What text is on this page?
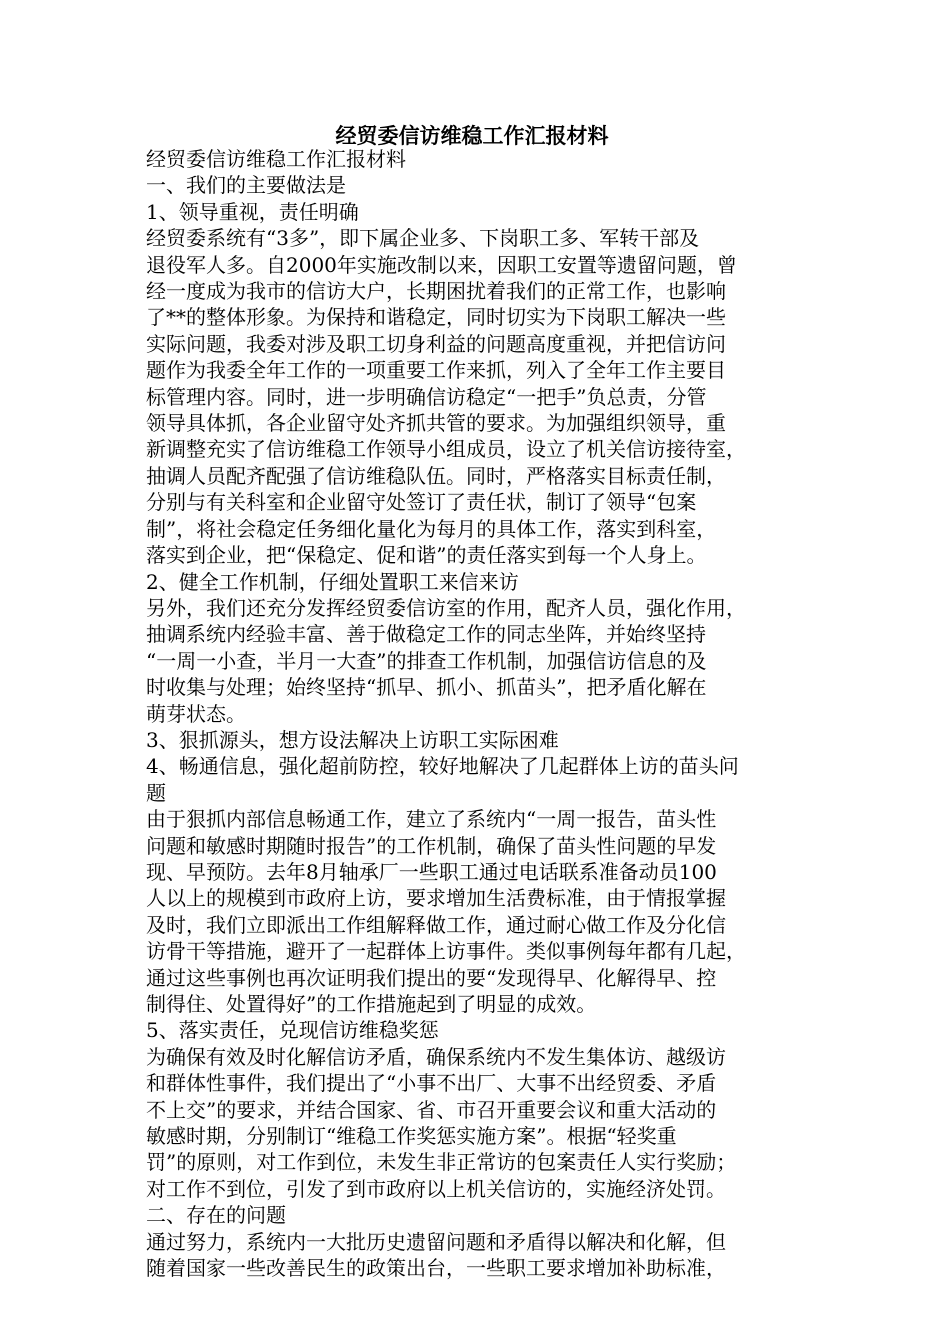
经贸委信访维稳工作汇报材料
经贸委信访维稳工作汇报材料
一、我们的主要做法是
1、领导重视，责任明确
经贸委系统有“3多”，即下属企业多、下岗职工多、军转干部及
退役军人多。自2000年实施改制以来，因职工安置等遗留问题，曾
经一度成为我市的信访大户，长期困扰着我们的正常工作，也影响
了**的整体形象。为保持和谐稳定，同时切实为下岗职工解决一些
实际问题，我委对涉及职工切身利益的问题高度重视，并把信访问
题作为我委全年工作的一项重要工作来抓，列入了全年工作主要目
标管理内容。同时，进一步明确信访稳定“一把手”负总责，分管
领导具体抓，各企业留守处齐抓共管的要求。为加强组织领导，重
新调整充实了信访维稳工作领导小组成员，设立了机关信访接待室，
抽调人员配齐配强了信访维稳队伍。同时，严格落实目标责任制，
分别与有关科室和企业留守处签订了责任状，制订了领导“包案
制”，将社会稳定任务细化量化为每月的具体工作，落实到科室，
落实到企业，把“保稳定、促和谐”的责任落实到每一个人身上。
2、健全工作机制，仔细处置职工来信来访
另外，我们还充分发挥经贸委信访室的作用，配齐人员，强化作用，
抽调系统内经验丰富、善于做稳定工作的同志坐阵，并始终坚持
“一周一小查，半月一大查”的排查工作机制，加强信访信息的及
时收集与处理；始终坚持“抓早、抓小、抓苗头”，把矛盾化解在
萌芽状态。
3、狠抓源头，想方设法解决上访职工实际困难
4、畅通信息，强化超前防控，较好地解决了几起群体上访的苗头问
题
由于狠抓内部信息畅通工作，建立了系统内“一周一报告，苗头性
问题和敏感时期随时报告”的工作机制，确保了苗头性问题的早发
现、早预防。去年8月轴承厂一些职工通过电话联系准备动员100
人以上的规模到市政府上访，要求增加生活费标准，由于情报掌握
及时，我们立即派出工作组解释做工作，通过耐心做工作及分化信
访骨干等措施，避开了一起群体上访事件。类似事例每年都有几起，
通过这些事例也再次证明我们提出的要“发现得早、化解得早、控
制得住、处置得好”的工作措施起到了明显的成效。
5、落实责任，兑现信访维稳奖惩
为确保有效及时化解信访矛盾，确保系统内不发生集体访、越级访
和群体性事件，我们提出了“小事不出厂、大事不出经贸委、矛盾
不上交”的要求，并结合国家、省、市召开重要会议和重大活动的
敏感时期，分别制订“维稳工作奖惩实施方案”。根据“轻奖重
罚”的原则，对工作到位，未发生非正常访的包案责任人实行奖励；
对工作不到位，引发了到市政府以上机关信访的，实施经济处罚。
二、存在的问题
通过努力，系统内一大批历史遗留问题和矛盾得以解决和化解，但
随着国家一些改善民生的政策出台，一些职工要求增加补助标准，
